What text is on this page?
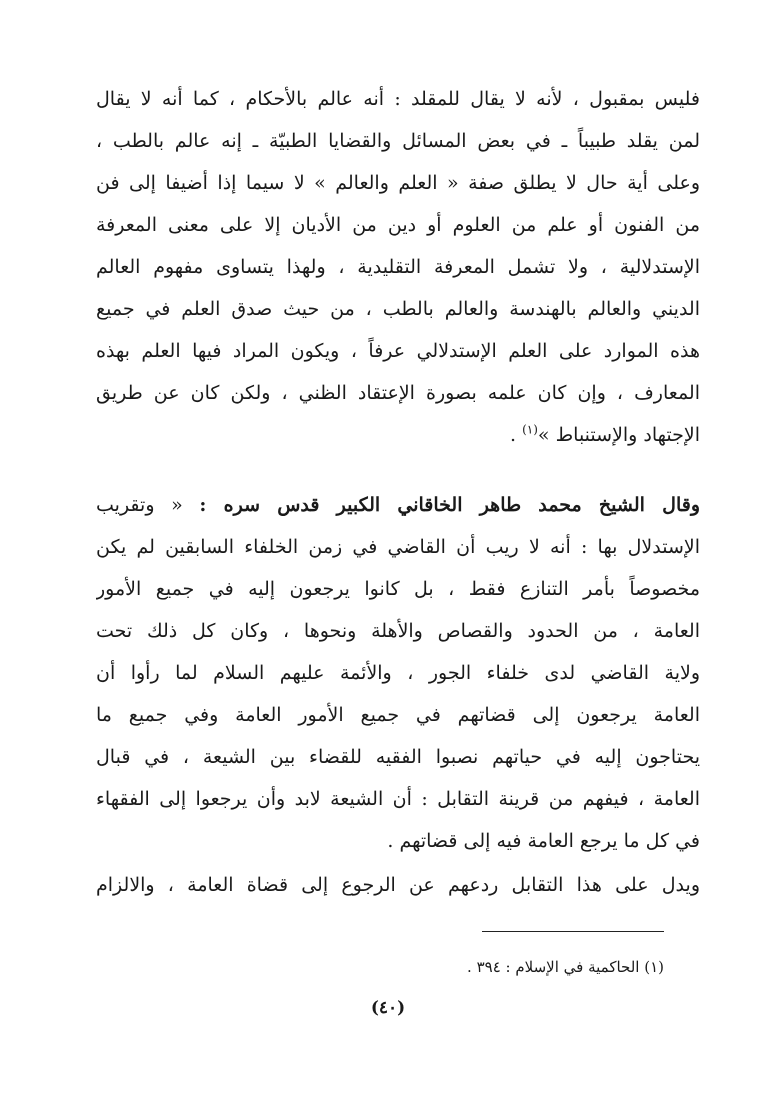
فليس بمقبول ، لأنه لا يقال للمقلد : أنه عالم بالأحكام ، كما أنه لا يقال
لمن يقلد طبيباً ـ في بعض المسائل والقضايا الطبيّة ـ إنه عالم بالطب ،
وعلى أية حال لا يطلق صفة « العلم والعالم » لا سيما إذا أضيفا إلى فن
من الفنون أو علم من العلوم أو دين من الأديان إلا على معنى المعرفة
الإستدلالية ، ولا تشمل المعرفة التقليدية ، ولهذا يتساوى مفهوم العالم
الديني والعالم بالهندسة والعالم بالطب ، من حيث صدق العلم في جميع
هذه الموارد على العلم الإستدلالي عرفاً ، ويكون المراد فيها العلم بهذه
المعارف ، وإن كان علمه بصورة الإعتقاد الظني ، ولكن كان عن طريق
الإجتهاد والإستنباط »$^{(١)}$ .
وقال الشيخ محمد طاهر الخاقاني الكبير قدس سره : « وتقريب
الإستدلال بها : أنه لا ريب أن القاضي في زمن الخلفاء السابقين لم يكن
مخصوصاً بأمر التنازع فقط ، بل كانوا يرجعون إليه في جميع الأمور
العامة ، من الحدود والقصاص والأهلة ونحوها ، وكان كل ذلك تحت
ولاية القاضي لدى خلفاء الجور ، والأئمة عليهم السلام لما رأوا أن
العامة يرجعون إلى قضاتهم في جميع الأمور العامة وفي جميع ما
يحتاجون إليه في حياتهم نصبوا الفقيه للقضاء بين الشيعة ، في قبال
العامة ، فيفهم من قرينة التقابل : أن الشيعة لابد وأن يرجعوا إلى الفقهاء
في كل ما يرجع العامة فيه إلى قضاتهم .
ويدل على هذا التقابل ردعهم عن الرجوع إلى قضاة العامة ، والالزام
(١) الحاكمية في الإسلام : ٣٩٤ .
(٤٠)
